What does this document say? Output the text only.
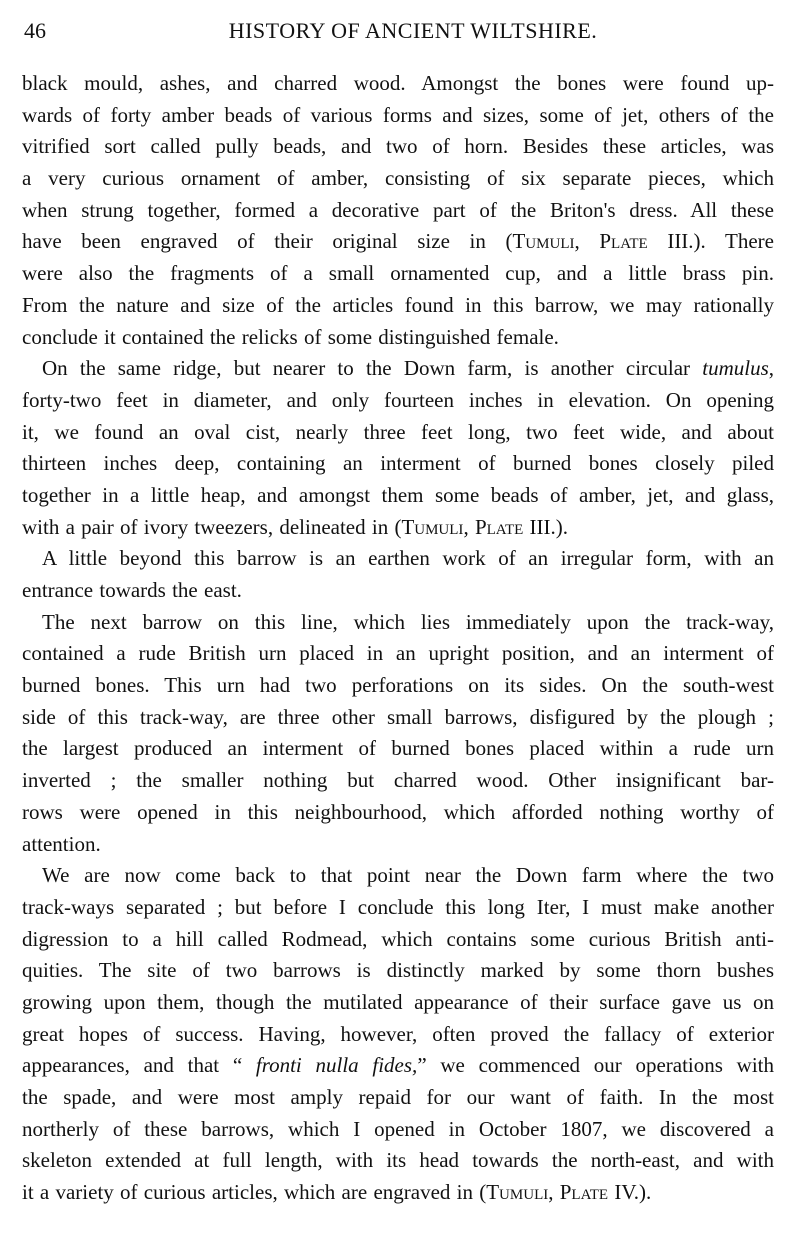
46	HISTORY OF ANCIENT WILTSHIRE.
black mould, ashes, and charred wood. Amongst the bones were found up-
wards of forty amber beads of various forms and sizes, some of jet, others of the
vitrified sort called pully beads, and two of horn. Besides these articles, was
a very curious ornament of amber, consisting of six separate pieces, which
when strung together, formed a decorative part of the Briton's dress. All these
have been engraved of their original size in (Tumuli, Plate III.). There
were also the fragments of a small ornamented cup, and a little brass pin.
From the nature and size of the articles found in this barrow, we may rationally
conclude it contained the relicks of some distinguished female.
On the same ridge, but nearer to the Down farm, is another circular tumulus,
forty-two feet in diameter, and only fourteen inches in elevation. On opening
it, we found an oval cist, nearly three feet long, two feet wide, and about
thirteen inches deep, containing an interment of burned bones closely piled
together in a little heap, and amongst them some beads of amber, jet, and glass,
with a pair of ivory tweezers, delineated in (Tumuli, Plate III.).
A little beyond this barrow is an earthen work of an irregular form, with an
entrance towards the east.
The next barrow on this line, which lies immediately upon the track-way,
contained a rude British urn placed in an upright position, and an interment of
burned bones. This urn had two perforations on its sides. On the south-west
side of this track-way, are three other small barrows, disfigured by the plough ;
the largest produced an interment of burned bones placed within a rude urn
inverted ; the smaller nothing but charred wood. Other insignificant bar-
rows were opened in this neighbourhood, which afforded nothing worthy of
attention.
We are now come back to that point near the Down farm where the two
track-ways separated ; but before I conclude this long Iter, I must make another
digression to a hill called Rodmead, which contains some curious British anti-
quities. The site of two barrows is distinctly marked by some thorn bushes
growing upon them, though the mutilated appearance of their surface gave us on
great hopes of success. Having, however, often proved the fallacy of exterior
appearances, and that “ fronti nulla fides,” we commenced our operations with
the spade, and were most amply repaid for our want of faith. In the most
northerly of these barrows, which I opened in October 1807, we discovered a
skeleton extended at full length, with its head towards the north-east, and with
it a variety of curious articles, which are engraved in (Tumuli, Plate IV.).
